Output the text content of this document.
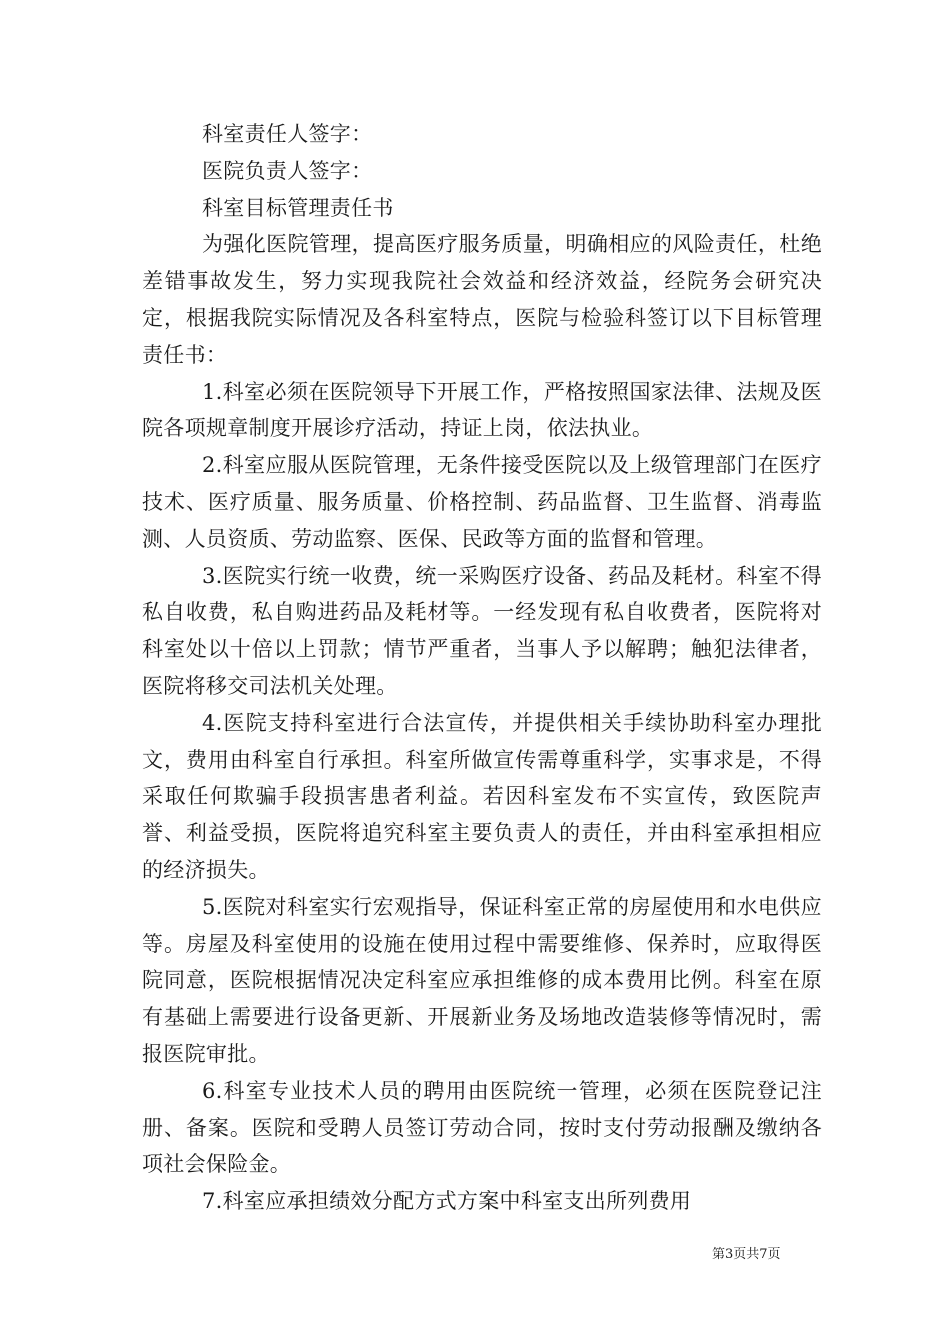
科室责任人签字：

医院负责人签字：

科室目标管理责任书

为强化医院管理，提高医疗服务质量，明确相应的风险责任，杜绝差错事故发生，努力实现我院社会效益和经济效益，经院务会研究决定，根据我院实际情况及各科室特点，医院与检验科签订以下目标管理责任书：

1.科室必须在医院领导下开展工作，严格按照国家法律、法规及医院各项规章制度开展诊疗活动，持证上岗，依法执业。

2.科室应服从医院管理，无条件接受医院以及上级管理部门在医疗技术、医疗质量、服务质量、价格控制、药品监督、卫生监督、消毒监测、人员资质、劳动监察、医保、民政等方面的监督和管理。

3.医院实行统一收费，统一采购医疗设备、药品及耗材。科室不得私自收费，私自购进药品及耗材等。一经发现有私自收费者，医院将对科室处以十倍以上罚款；情节严重者，当事人予以解聘；触犯法律者，医院将移交司法机关处理。

4.医院支持科室进行合法宣传，并提供相关手续协助科室办理批文，费用由科室自行承担。科室所做宣传需尊重科学，实事求是，不得采取任何欺骗手段损害患者利益。若因科室发布不实宣传，致医院声誉、利益受损，医院将追究科室主要负责人的责任，并由科室承担相应的经济损失。

5.医院对科室实行宏观指导，保证科室正常的房屋使用和水电供应等。房屋及科室使用的设施在使用过程中需要维修、保养时，应取得医院同意，医院根据情况决定科室应承担维修的成本费用比例。科室在原有基础上需要进行设备更新、开展新业务及场地改造装修等情况时，需报医院审批。

6.科室专业技术人员的聘用由医院统一管理，必须在医院登记注册、备案。医院和受聘人员签订劳动合同，按时支付劳动报酬及缴纳各项社会保险金。

7.科室应承担绩效分配方式方案中科室支出所列费用

第3页共7页
